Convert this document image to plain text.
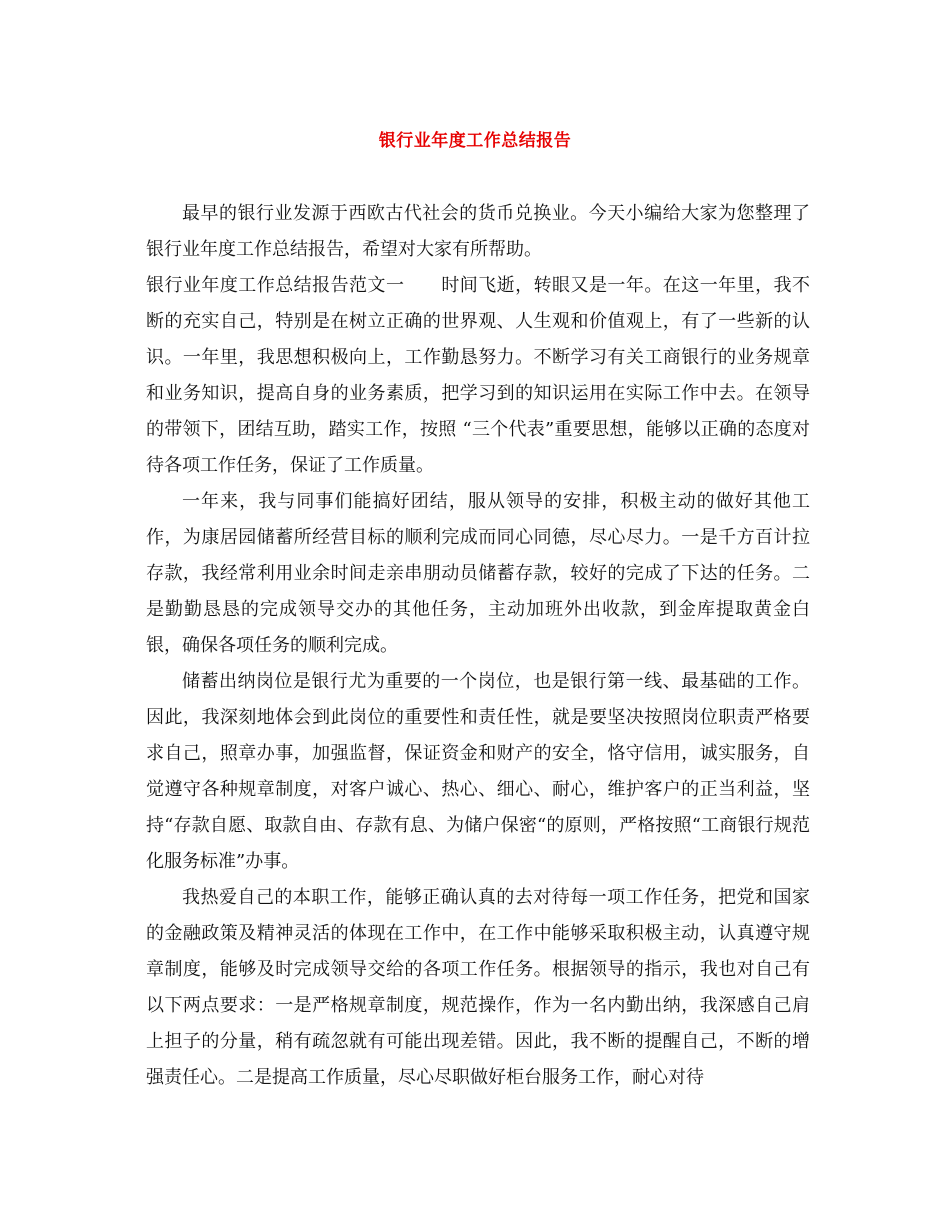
银行业年度工作总结报告

最早的银行业发源于西欧古代社会的货币兑换业。今天小编给大家为您整理了银行业年度工作总结报告，希望对大家有所帮助。

银行业年度工作总结报告范文一　　时间飞逝，转眼又是一年。在这一年里，我不断的充实自己，特别是在树立正确的世界观、人生观和价值观上，有了一些新的认识。一年里，我思想积极向上，工作勤恳努力。不断学习有关工商银行的业务规章和业务知识，提高自身的业务素质，把学习到的知识运用在实际工作中去。在领导的带领下，团结互助，踏实工作，按照 “三个代表”重要思想，能够以正确的态度对待各项工作任务，保证了工作质量。

一年来，我与同事们能搞好团结，服从领导的安排，积极主动的做好其他工作，为康居园储蓄所经营目标的顺利完成而同心同德，尽心尽力。一是千方百计拉存款，我经常利用业余时间走亲串朋动员储蓄存款，较好的完成了下达的任务。二是勤勤恳恳的完成领导交办的其他任务，主动加班外出收款，到金库提取黄金白银，确保各项任务的顺利完成。

储蓄出纳岗位是银行尤为重要的一个岗位，也是银行第一线、最基础的工作。因此，我深刻地体会到此岗位的重要性和责任性，就是要坚决按照岗位职责严格要求自己，照章办事，加强监督，保证资金和财产的安全，恪守信用，诚实服务，自觉遵守各种规章制度，对客户诚心、热心、细心、耐心，维护客户的正当利益，坚持“存款自愿、取款自由、存款有息、为储户保密“的原则，严格按照“工商银行规范化服务标准”办事。

我热爱自己的本职工作，能够正确认真的去对待每一项工作任务，把党和国家的金融政策及精神灵活的体现在工作中，在工作中能够采取积极主动，认真遵守规章制度，能够及时完成领导交给的各项工作任务。根据领导的指示，我也对自己有以下两点要求：一是严格规章制度，规范操作，作为一名内勤出纳，我深感自己肩上担子的分量，稍有疏忽就有可能出现差错。因此，我不断的提醒自己，不断的增强责任心。二是提高工作质量，尽心尽职做好柜台服务工作，耐心对待
